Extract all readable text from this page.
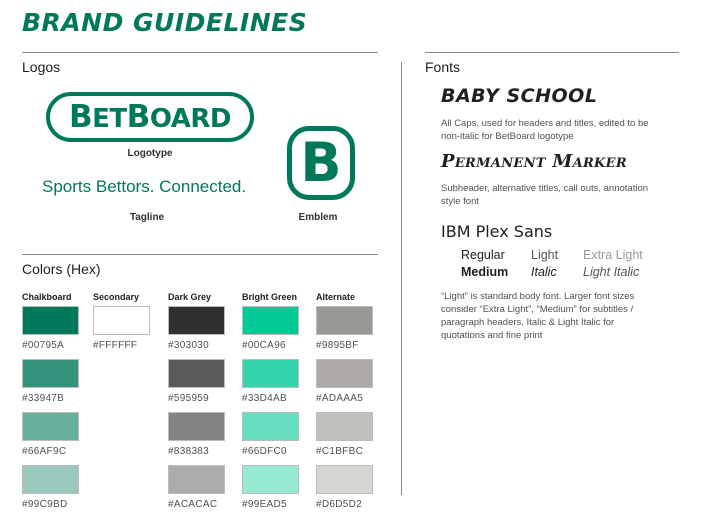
BRAND GUIDELINES
Logos
BETBOARD
Logotype
Sports Bettors. Connected.
Tagline
B
Emblem
Colors (Hex)
Chalkboard
#00795A
#33947B
#66AF9C
#99C9BD
Secondary
#FFFFFF
Dark Grey
#303030
#595959
#838383
#ACACAC
Bright Green
#00CA96
#33D4AB
#66DFC0
#99EAD5
Alternate
#9895BF
#ADAAA5
#C1BFBC
#D6D5D2
Fonts
BABY SCHOOL
All Caps, used for headers and titles, edited to be
non-italic for BetBoard logotype
Permanent Marker
Subheader, alternative titles, call outs, annotation
style font
IBM Plex Sans
Regular Light Extra Light
Medium Italic Light Italic
“Light” is standard body font. Larger font sizes
consider “Extra Light”, “Medium” for subtitles /
paragraph headers, Italic & Light Italic for
quotations and fine print
